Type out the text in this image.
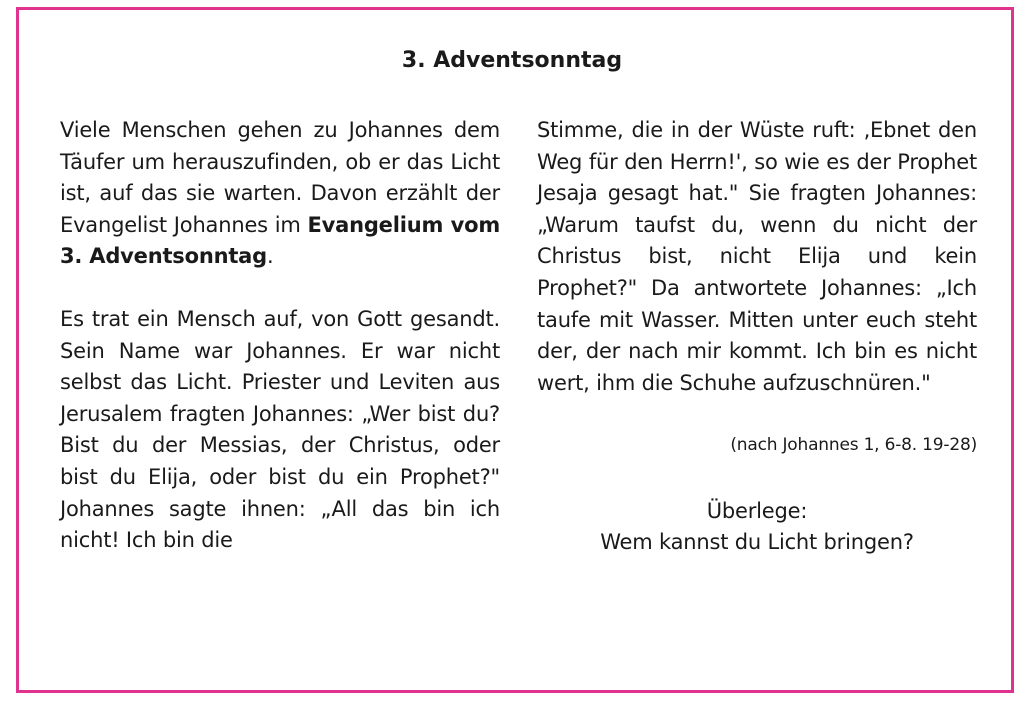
3. Adventsonntag

Viele Menschen gehen zu Johannes dem Täufer um herauszufinden, ob er das Licht ist, auf das sie warten. Davon erzählt der Evangelist Johannes im Evangelium vom 3. Adventsonntag.

Es trat ein Mensch auf, von Gott gesandt. Sein Name war Johannes. Er war nicht selbst das Licht. Priester und Leviten aus Jerusalem fragten Johannes: „Wer bist du? Bist du der Messias, der Christus, oder bist du Elija, oder bist du ein Prophet?" Johannes sagte ihnen: „All das bin ich nicht! Ich bin die

Stimme, die in der Wüste ruft: ‚Ebnet den Weg für den Herrn!', so wie es der Prophet Jesaja gesagt hat." Sie fragten Johannes: „Warum taufst du, wenn du nicht der Christus bist, nicht Elija und kein Prophet?" Da antwortete Johannes: „Ich taufe mit Wasser. Mitten unter euch steht der, der nach mir kommt. Ich bin es nicht wert, ihm die Schuhe aufzuschnüren."

(nach Johannes 1, 6-8. 19-28)
Überlege:
Wem kannst du Licht bringen?
